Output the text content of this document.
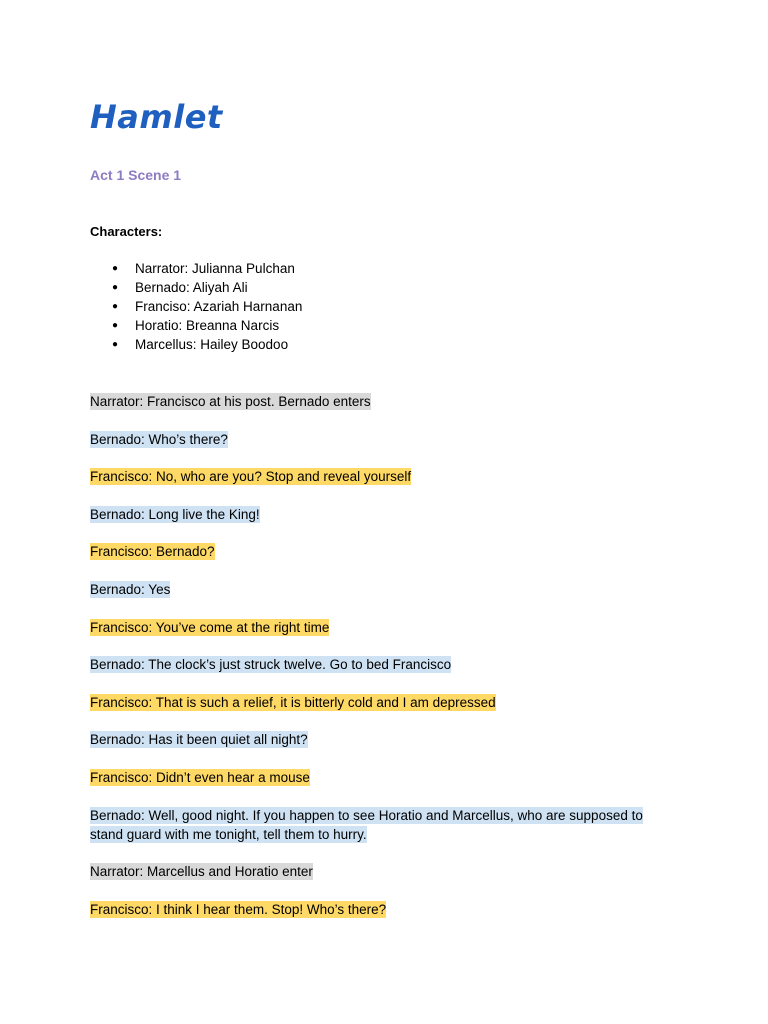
Hamlet
Act 1 Scene 1

Characters:

● Narrator: Julianna Pulchan
● Bernado: Aliyah Ali
● Franciso: Azariah Harnanan
● Horatio: Breanna Narcis
● Marcellus: Hailey Boodoo

Narrator: Francisco at his post. Bernado enters

Bernado: Who’s there?

Francisco: No, who are you? Stop and reveal yourself

Bernado: Long live the King!

Francisco: Bernado?

Bernado: Yes

Francisco: You’ve come at the right time

Bernado: The clock’s just struck twelve. Go to bed Francisco

Francisco: That is such a relief, it is bitterly cold and I am depressed

Bernado: Has it been quiet all night?

Francisco: Didn’t even hear a mouse

Bernado: Well, good night. If you happen to see Horatio and Marcellus, who are supposed to stand guard with me tonight, tell them to hurry.

Narrator: Marcellus and Horatio enter

Francisco: I think I hear them. Stop! Who’s there?
